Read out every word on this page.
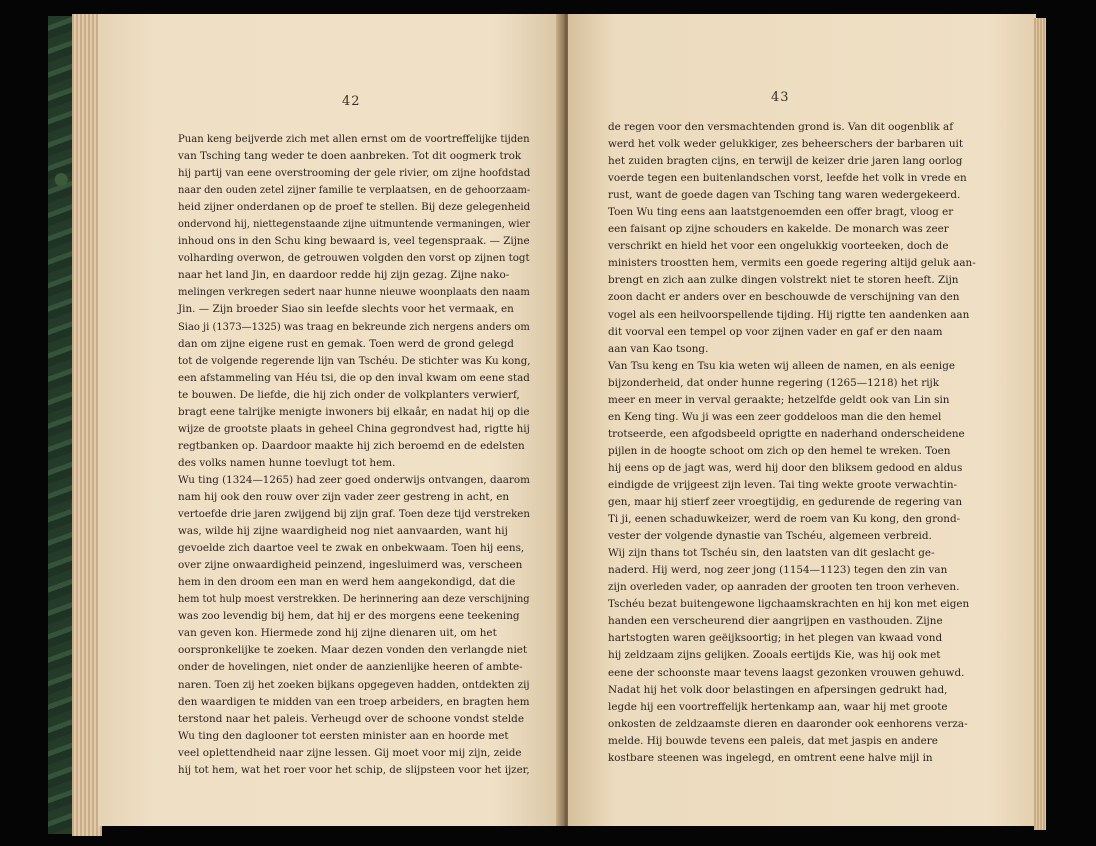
42
Puan keng beijverde zich met allen ernst om de voortreffelijke tijden
van Tsching tang weder te doen aanbreken. Tot dit oogmerk trok
hij partij van eene overstrooming der gele rivier, om zijne hoofdstad
naar den ouden zetel zijner familie te verplaatsen, en de gehoorzaam-
heid zijner onderdanen op de proef te stellen. Bij deze gelegenheid
ondervond hij, niettegenstaande zijne uitmuntende vermaningen, wier
inhoud ons in den Schu king bewaard is, veel tegenspraak. — Zijne
volharding overwon, de getrouwen volgden den vorst op zijnen togt
naar het land Jin, en daardoor redde hij zijn gezag. Zijne nako-
melingen verkregen sedert naar hunne nieuwe woonplaats den naam
Jin. — Zijn broeder Siao sin leefde slechts voor het vermaak, en
Siao ji (1373—1325) was traag en bekreunde zich nergens anders om
dan om zijne eigene rust en gemak. Toen werd de grond gelegd
tot de volgende regerende lijn van Tschéu. De stichter was Ku kong,
een afstammeling van Héu tsi, die op den inval kwam om eene stad
te bouwen. De liefde, die hij zich onder de volkplanters verwierf,
bragt eene talrijke menigte inwoners bij elkaâr, en nadat hij op die
wijze de grootste plaats in geheel China gegrondvest had, rigtte hij
regtbanken op. Daardoor maakte hij zich beroemd en de edelsten
des volks namen hunne toevlugt tot hem.
Wu ting (1324—1265) had zeer goed onderwijs ontvangen, daarom
nam hij ook den rouw over zijn vader zeer gestreng in acht, en
vertoefde drie jaren zwijgend bij zijn graf. Toen deze tijd verstreken
was, wilde hij zijne waardigheid nog niet aanvaarden, want hij
gevoelde zich daartoe veel te zwak en onbekwaam. Toen hij eens,
over zijne onwaardigheid peinzend, ingesluimerd was, verscheen
hem in den droom een man en werd hem aangekondigd, dat die
hem tot hulp moest verstrekken. De herinnering aan deze verschijning
was zoo levendig bij hem, dat hij er des morgens eene teekening
van geven kon. Hiermede zond hij zijne dienaren uit, om het
oorspronkelijke te zoeken. Maar dezen vonden den verlangde niet
onder de hovelingen, niet onder de aanzienlijke heeren of ambte-
naren. Toen zij het zoeken bijkans opgegeven hadden, ontdekten zij
den waardigen te midden van een troep arbeiders, en bragten hem
terstond naar het paleis. Verheugd over de schoone vondst stelde
Wu ting den daglooner tot eersten minister aan en hoorde met
veel oplettendheid naar zijne lessen. Gij moet voor mij zijn, zeide
hij tot hem, wat het roer voor het schip, de slijpsteen voor het ijzer,
43
de regen voor den versmachtenden grond is. Van dit oogenblik af
werd het volk weder gelukkiger, zes beheerschers der barbaren uit
het zuiden bragten cijns, en terwijl de keizer drie jaren lang oorlog
voerde tegen een buitenlandschen vorst, leefde het volk in vrede en
rust, want de goede dagen van Tsching tang waren wedergekeerd.
Toen Wu ting eens aan laatstgenoemden een offer bragt, vloog er
een faisant op zijne schouders en kakelde. De monarch was zeer
verschrikt en hield het voor een ongelukkig voorteeken, doch de
ministers troostten hem, vermits een goede regering altijd geluk aan-
brengt en zich aan zulke dingen volstrekt niet te storen heeft. Zijn
zoon dacht er anders over en beschouwde de verschijning van den
vogel als een heilvoorspellende tijding. Hij rigtte ten aandenken aan
dit voorval een tempel op voor zijnen vader en gaf er den naam
aan van Kao tsong.
Van Tsu keng en Tsu kia weten wij alleen de namen, en als eenige
bijzonderheid, dat onder hunne regering (1265—1218) het rijk
meer en meer in verval geraakte; hetzelfde geldt ook van Lin sin
en Keng ting. Wu ji was een zeer goddeloos man die den hemel
trotseerde, een afgodsbeeld oprigtte en naderhand onderscheidene
pijlen in de hoogte schoot om zich op den hemel te wreken. Toen
hij eens op de jagt was, werd hij door den bliksem gedood en aldus
eindigde de vrijgeest zijn leven. Tai ting wekte groote verwachtin-
gen, maar hij stierf zeer vroegtijdig, en gedurende de regering van
Ti ji, eenen schaduwkeizer, werd de roem van Ku kong, den grond-
vester der volgende dynastie van Tschéu, algemeen verbreid.
Wij zijn thans tot Tschéu sin, den laatsten van dit geslacht ge-
naderd. Hij werd, nog zeer jong (1154—1123) tegen den zin van
zijn overleden vader, op aanraden der grooten ten troon verheven.
Tschéu bezat buitengewone ligchaamskrachten en hij kon met eigen
handen een verscheurend dier aangrijpen en vasthouden. Zijne
hartstogten waren geëijksoortig; in het plegen van kwaad vond
hij zeldzaam zijns gelijken. Zooals eertijds Kie, was hij ook met
eene der schoonste maar tevens laagst gezonken vrouwen gehuwd.
Nadat hij het volk door belastingen en afpersingen gedrukt had,
legde hij een voortreffelijk hertenkamp aan, waar hij met groote
onkosten de zeldzaamste dieren en daaronder ook eenhorens verza-
melde. Hij bouwde tevens een paleis, dat met jaspis en andere
kostbare steenen was ingelegd, en omtrent eene halve mijl in
